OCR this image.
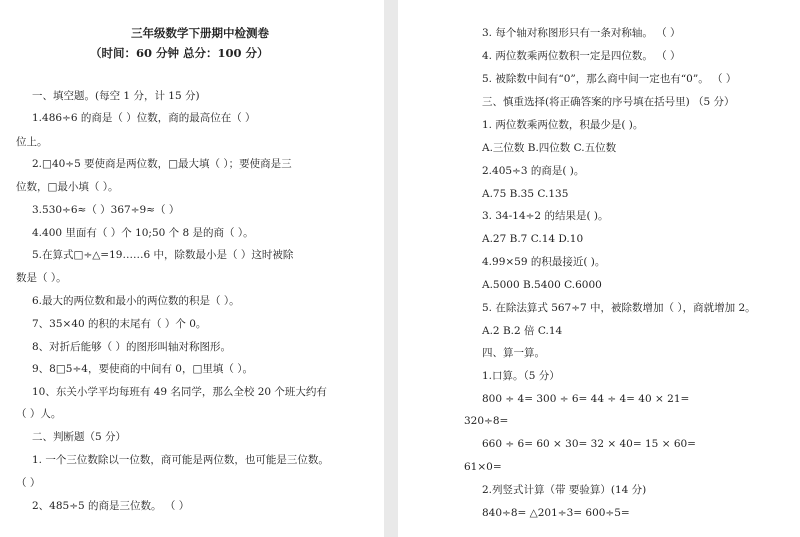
三年级数学下册期中检测卷
（时间：60 分钟 总分：100 分）
一、填空题。(每空 1 分，计 15 分)
1.486÷6 的商是（ ）位数，商的最高位在（ ）
位上。
2.□40÷5 要使商是两位数，□最大填（ ）；要使商是三
位数，□最小填（ ）。
3.530÷6≈（ ）367÷9≈（ ）
4.400 里面有（ ）个 10;50 个 8 是的商（ ）。
5.在算式□÷△=19……6 中，除数最小是（ ）这时被除
数是（ ）。
6.最大的两位数和最小的两位数的积是（ ）。
7、35×40 的积的末尾有（ ）个 0。
8、对折后能够（ ）的图形叫轴对称图形。
9、8□5÷4，要使商的中间有 0，□里填（ ）。
10、东关小学平均每班有 49 名同学，那么全校 20 个班大约有
（ ）人。
二、判断题（5 分）
1. 一个三位数除以一位数，商可能是两位数，也可能是三位数。
（ ）
2、485÷5 的商是三位数。 （ ）
3. 每个轴对称图形只有一条对称轴。 （ ）
4. 两位数乘两位数积一定是四位数。 （ ）
5. 被除数中间有“0”，那么商中间一定也有“0”。 （ ）
三、慎重选择(将正确答案的序号填在括号里) （5 分）
1. 两位数乘两位数，积最少是( )。
A.三位数 B.四位数 C.五位数
2.405÷3 的商是( )。
A.75 B.35 C.135
3. 34-14÷2 的结果是( )。
A.27 B.7 C.14 D.10
4.99×59 的积最接近( )。
A.5000 B.5400 C.6000
5. 在除法算式 567÷7 中，被除数增加（ ），商就增加 2。
A.2 B.2 倍 C.14
四、算一算。
1.口算。（5 分）
800 ÷ 4= 300 ÷ 6= 44 ÷ 4= 40 × 21=
320÷8=
660 ÷ 6= 60 × 30= 32 × 40= 15 × 60=
61×0=
2.列竖式计算（带 要验算）(14 分)
840÷8= △201÷3= 600÷5=
